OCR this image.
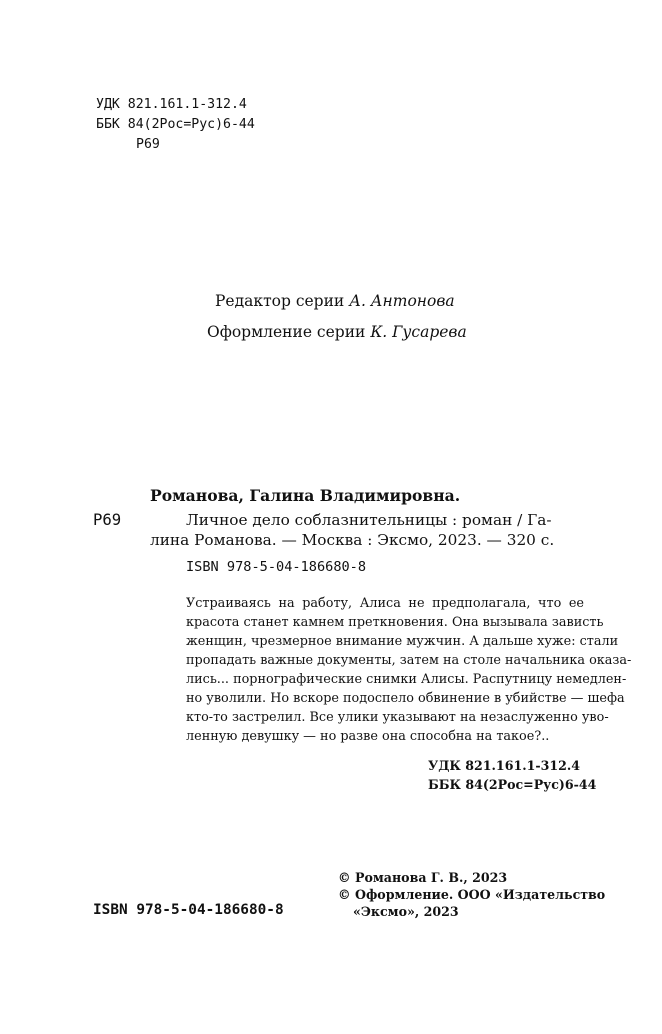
УДК 821.161.1-312.4
ББК 84(2Рос=Рус)6-44
Р69
Редактор серии А. Антонова
Оформление серии К. Гусарева
Романова, Галина Владимировна.
Р69	Личное дело соблазнительницы : роман / Га-
лина Романова. — Москва : Эксмо, 2023. — 320 с.
ISBN 978-5-04-186680-8
Устраиваясь на работу, Алиса не предполагала, что ее
красота станет камнем преткновения. Она вызывала зависть
женщин, чрезмерное внимание мужчин. А дальше хуже: стали
пропадать важные документы, затем на столе начальника оказа-
лись... порнографические снимки Алисы. Распутницу немедлен-
но уволили. Но вскоре подоспело обвинение в убийстве — шефа
кто-то застрелил. Все улики указывают на незаслуженно уво-
ленную девушку — но разве она способна на такое?..
УДК 821.161.1-312.4
ББК 84(2Рос=Рус)6-44
© Романова Г. В., 2023
© Оформление. ООО «Издательство
«Эксмо», 2023
ISBN 978-5-04-186680-8
